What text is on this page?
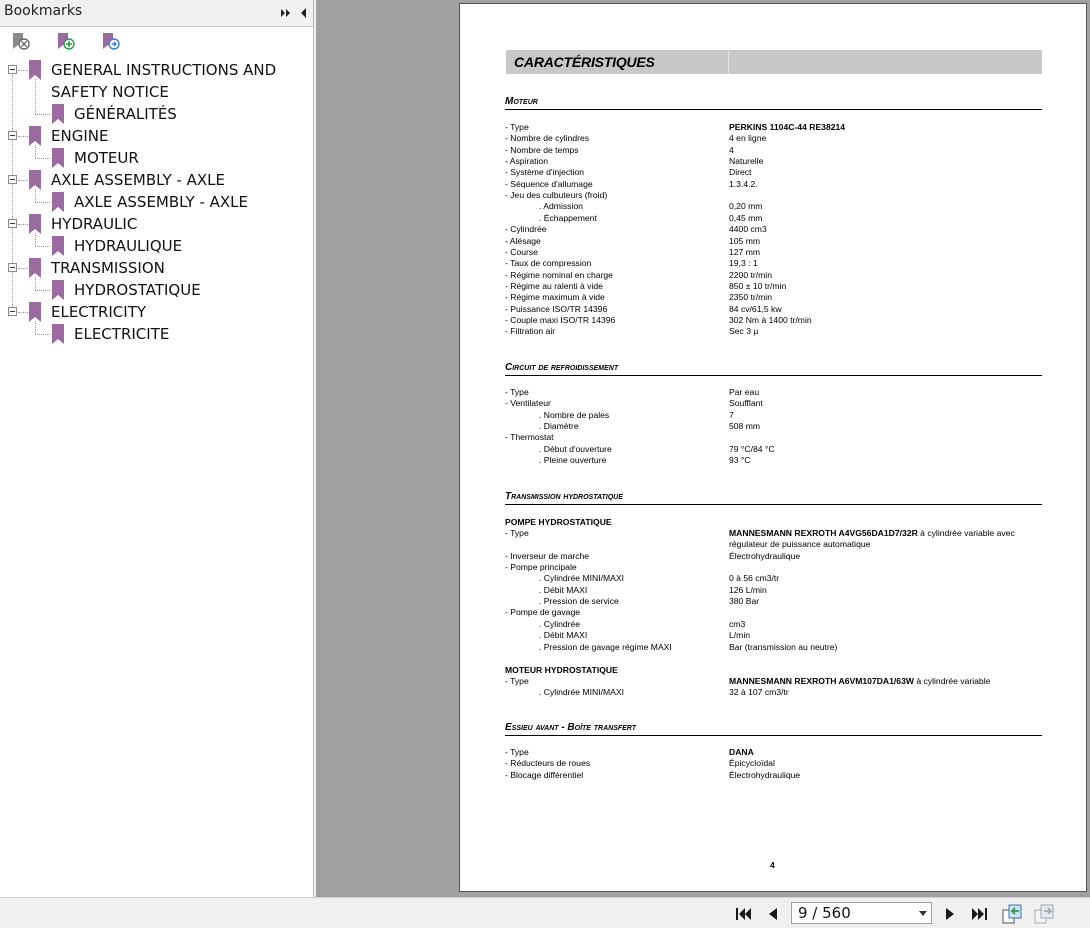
Bookmarks
GENERAL INSTRUCTIONS AND
SAFETY NOTICE
GÉNÉRALITÉS
ENGINE
MOTEUR
AXLE ASSEMBLY - AXLE
AXLE ASSEMBLY - AXLE
HYDRAULIC
HYDRAULIQUE
TRANSMISSION
HYDROSTATIQUE
ELECTRICITY
ELECTRICITE
CARACTÉRISTIQUES
Moteur
- Type	PERKINS 1104C-44 RE38214
- Nombre de cylindres	4 en ligne
- Nombre de temps	4
- Aspiration	Naturelle
- Système d'injection	Direct
- Séquence d'allumage	1.3.4.2.
- Jeu des culbuteurs (froid)
. Admission	0,20 mm
. Échappement	0,45 mm
- Cylindrée	4400 cm3
- Alésage	105 mm
- Course	127 mm
- Taux de compression	19,3 : 1
- Régime nominal en charge	2200 tr/min
- Régime au ralenti à vide	850 ± 10 tr/min
- Régime maximum à vide	2350 tr/min
- Puissance ISO/TR 14396	84 cv/61,5 kw
- Couple maxi ISO/TR 14396	302 Nm à 1400 tr/min
- Filtration air	Sec 3 µ
Circuit de refroidissement
- Type	Par eau
- Ventilateur	Soufflant
. Nombre de pales	7
. Diamètre	508 mm
- Thermostat
. Début d'ouverture	79 °C/84 °C
. Pleine ouverture	93 °C
Transmission hydrostatique
POMPE HYDROSTATIQUE
- Type	MANNESMANN REXROTH A4VG56DA1D7/32R à cylindrée variable avec
régulateur de puissance automatique
- Inverseur de marche	Électrohydraulique
- Pompe principale
. Cylindrée MINI/MAXI	0 à 56 cm3/tr
. Débit MAXI	126 L/min
. Pression de service	380 Bar
- Pompe de gavage
. Cylindrée	cm3
. Débit MAXI	L/min
. Pression de gavage régime MAXI	Bar (transmission au neutre)
MOTEUR HYDROSTATIQUE
- Type	MANNESMANN REXROTH A6VM107DA1/63W à cylindrée variable
. Cylindrée MINI/MAXI	32 à 107 cm3/tr
Essieu avant - Boîte transfert
- Type	DANA
- Réducteurs de roues	Épicycloïdal
- Blocage différentiel	Électrohydraulique
4
9 / 560
